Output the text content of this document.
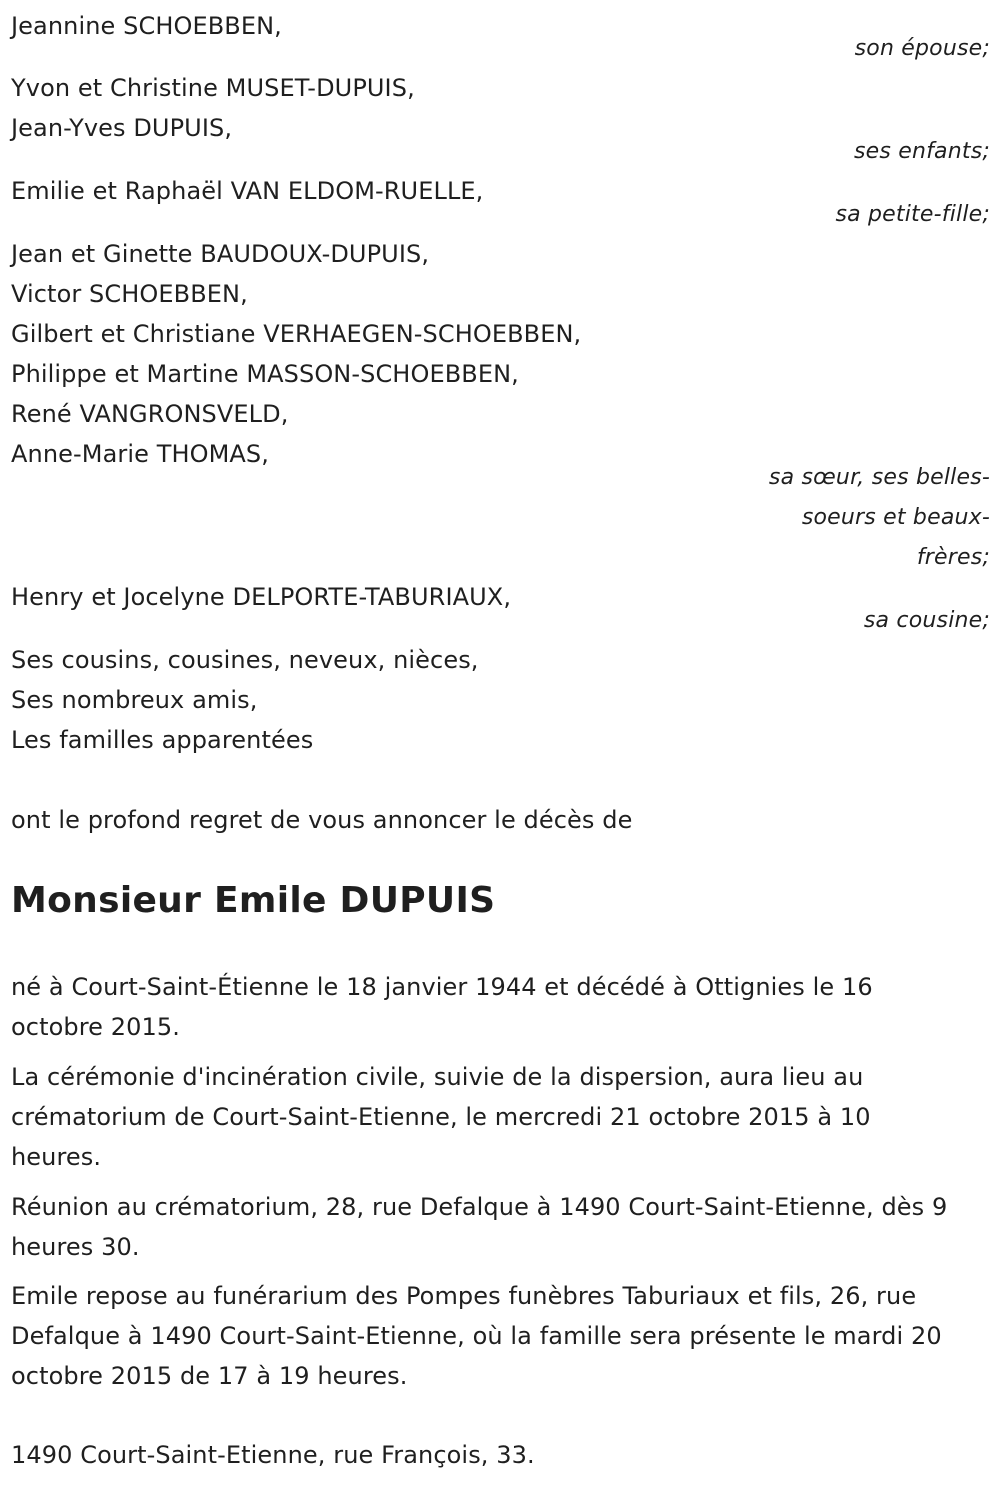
Jeannine SCHOEBBEN,
son épouse;
Yvon et Christine MUSET-DUPUIS,
Jean-Yves DUPUIS,
ses enfants;
Emilie et Raphaël VAN ELDOM-RUELLE,
sa petite-fille;
Jean et Ginette BAUDOUX-DUPUIS,
Victor SCHOEBBEN,
Gilbert et Christiane VERHAEGEN-SCHOEBBEN,
Philippe et Martine MASSON-SCHOEBBEN,
René VANGRONSVELD,
Anne-Marie THOMAS,
sa sœur, ses belles-soeurs et beaux-frères;
Henry et Jocelyne DELPORTE-TABURIAUX,
sa cousine;
Ses cousins, cousines, neveux, nièces,
Ses nombreux amis,
Les familles apparentées
ont le profond regret de vous annoncer le décès de
Monsieur Emile DUPUIS
né à Court-Saint-Étienne le 18 janvier 1944 et décédé à Ottignies le 16 octobre 2015.
La cérémonie d'incinération civile, suivie de la dispersion, aura lieu au crématorium de Court-Saint-Etienne, le mercredi 21 octobre 2015 à 10 heures.
Réunion au crématorium, 28, rue Defalque à 1490 Court-Saint-Etienne, dès 9 heures 30.
Emile repose au funérarium des Pompes funèbres Taburiaux et fils, 26, rue Defalque à 1490 Court-Saint-Etienne, où la famille sera présente le mardi 20 octobre 2015 de 17 à 19 heures.
1490 Court-Saint-Etienne, rue François, 33.
